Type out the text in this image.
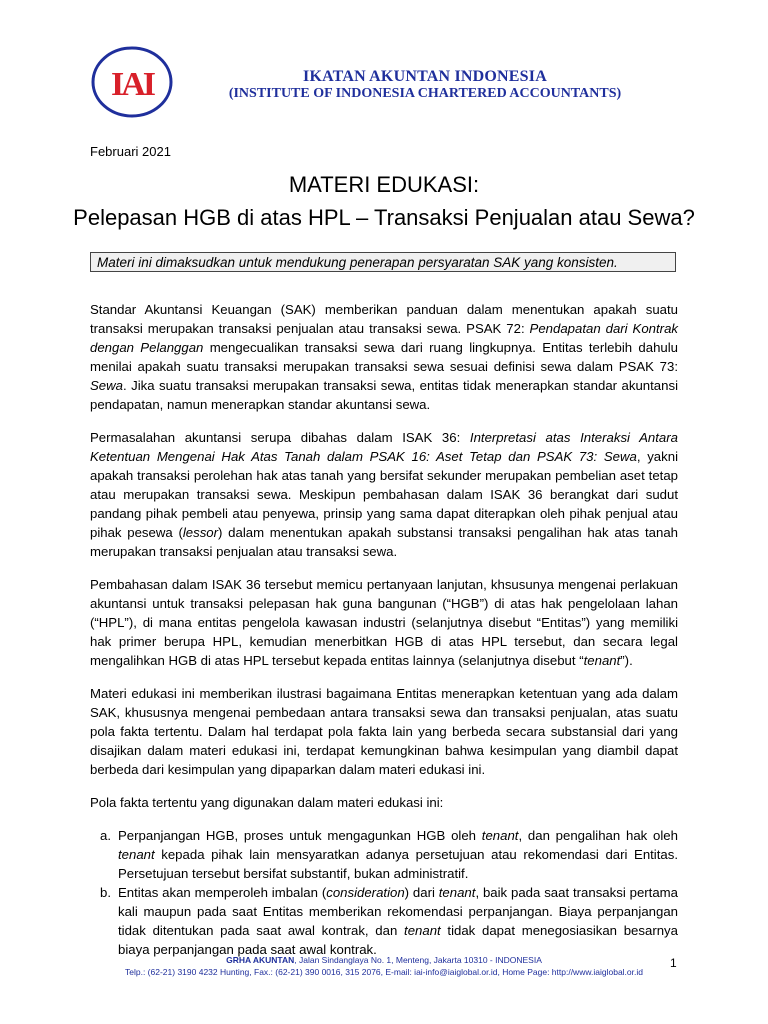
IAI	IKATAN AKUNTAN INDONESIA
(INSTITUTE OF INDONESIA CHARTERED ACCOUNTANTS)
Februari 2021
MATERI EDUKASI:
Pelepasan HGB di atas HPL – Transaksi Penjualan atau Sewa?
Materi ini dimaksudkan untuk mendukung penerapan persyaratan SAK yang konsisten.

Standar Akuntansi Keuangan (SAK) memberikan panduan dalam menentukan apakah suatu transaksi merupakan transaksi penjualan atau transaksi sewa. PSAK 72: Pendapatan dari Kontrak dengan Pelanggan mengecualikan transaksi sewa dari ruang lingkupnya. Entitas terlebih dahulu menilai apakah suatu transaksi merupakan transaksi sewa sesuai definisi sewa dalam PSAK 73: Sewa. Jika suatu transaksi merupakan transaksi sewa, entitas tidak menerapkan standar akuntansi pendapatan, namun menerapkan standar akuntansi sewa.

Permasalahan akuntansi serupa dibahas dalam ISAK 36: Interpretasi atas Interaksi Antara Ketentuan Mengenai Hak Atas Tanah dalam PSAK 16: Aset Tetap dan PSAK 73: Sewa, yakni apakah transaksi perolehan hak atas tanah yang bersifat sekunder merupakan pembelian aset tetap atau merupakan transaksi sewa. Meskipun pembahasan dalam ISAK 36 berangkat dari sudut pandang pihak pembeli atau penyewa, prinsip yang sama dapat diterapkan oleh pihak penjual atau pihak pesewa (lessor) dalam menentukan apakah substansi transaksi pengalihan hak atas tanah merupakan transaksi penjualan atau transaksi sewa.

Pembahasan dalam ISAK 36 tersebut memicu pertanyaan lanjutan, khsusunya mengenai perlakuan akuntansi untuk transaksi pelepasan hak guna bangunan (“HGB”) di atas hak pengelolaan lahan (“HPL”), di mana entitas pengelola kawasan industri (selanjutnya disebut “Entitas”) yang memiliki hak primer berupa HPL, kemudian menerbitkan HGB di atas HPL tersebut, dan secara legal mengalihkan HGB di atas HPL tersebut kepada entitas lainnya (selanjutnya disebut “tenant”).

Materi edukasi ini memberikan ilustrasi bagaimana Entitas menerapkan ketentuan yang ada dalam SAK, khususnya mengenai pembedaan antara transaksi sewa dan transaksi penjualan, atas suatu pola fakta tertentu. Dalam hal terdapat pola fakta lain yang berbeda secara substansial dari yang disajikan dalam materi edukasi ini, terdapat kemungkinan bahwa kesimpulan yang diambil dapat berbeda dari kesimpulan yang dipaparkan dalam materi edukasi ini.

Pola fakta tertentu yang digunakan dalam materi edukasi ini:

a. Perpanjangan HGB, proses untuk mengagunkan HGB oleh tenant, dan pengalihan hak oleh tenant kepada pihak lain mensyaratkan adanya persetujuan atau rekomendasi dari Entitas. Persetujuan tersebut bersifat substantif, bukan administratif.
b. Entitas akan memperoleh imbalan (consideration) dari tenant, baik pada saat transaksi pertama kali maupun pada saat Entitas memberikan rekomendasi perpanjangan. Biaya perpanjangan tidak ditentukan pada saat awal kontrak, dan tenant tidak dapat menegosiasikan besarnya biaya perpanjangan pada saat awal kontrak.
GRHA AKUNTAN, Jalan Sindanglaya No. 1, Menteng, Jakarta 10310 - INDONESIA
Telp.: (62-21) 3190 4232 Hunting, Fax.: (62-21) 390 0016, 315 2076, E-mail: iai-info@iaiglobal.or.id, Home Page: http://www.iaiglobal.or.id
1
